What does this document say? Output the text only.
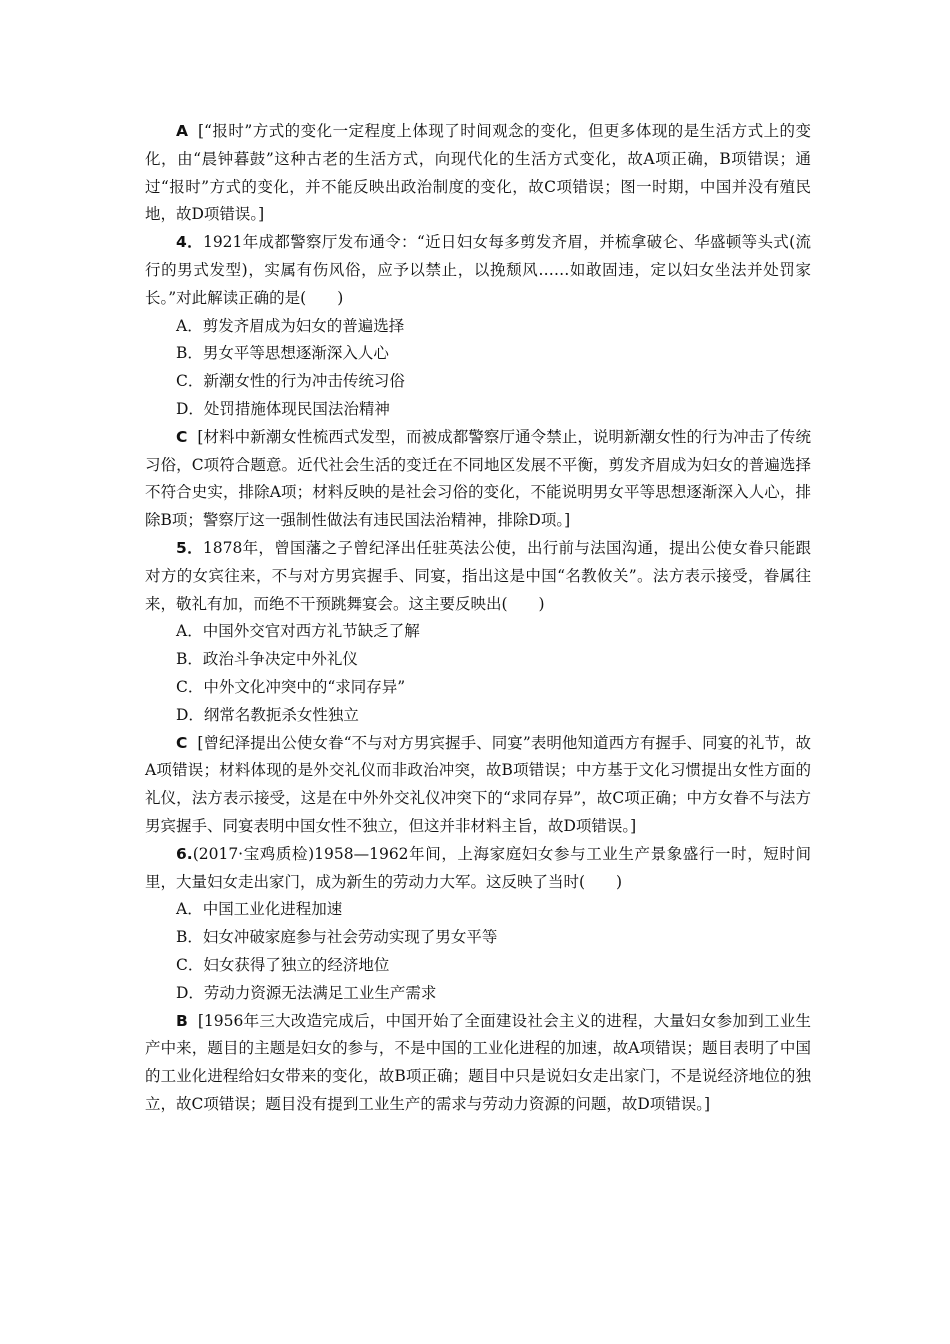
A [“报时”方式的变化一定程度上体现了时间观念的变化，但更多体现的是生活方式上的变化，由“晨钟暮鼓”这种古老的生活方式，向现代化的生活方式变化，故A项正确，B项错误；通过“报时”方式的变化，并不能反映出政治制度的变化，故C项错误；图一时期，中国并没有殖民地，故D项错误。]

4．1921年成都警察厅发布通令：“近日妇女每多剪发齐眉，并梳拿破仑、华盛顿等头式(流行的男式发型)，实属有伤风俗，应予以禁止，以挽颓风……如敢固违，定以妇女坐法并处罚家长。”对此解读正确的是(　　)

A．剪发齐眉成为妇女的普遍选择

B．男女平等思想逐渐深入人心

C．新潮女性的行为冲击传统习俗

D．处罚措施体现民国法治精神

C [材料中新潮女性梳西式发型，而被成都警察厅通令禁止，说明新潮女性的行为冲击了传统习俗，C项符合题意。近代社会生活的变迁在不同地区发展不平衡，剪发齐眉成为妇女的普遍选择不符合史实，排除A项；材料反映的是社会习俗的变化，不能说明男女平等思想逐渐深入人心，排除B项；警察厅这一强制性做法有违民国法治精神，排除D项。]

5．1878年，曾国藩之子曾纪泽出任驻英法公使，出行前与法国沟通，提出公使女眷只能跟对方的女宾往来，不与对方男宾握手、同宴，指出这是中国“名教攸关”。法方表示接受，眷属往来，敬礼有加，而绝不干预跳舞宴会。这主要反映出(　　)

A．中国外交官对西方礼节缺乏了解

B．政治斗争决定中外礼仪

C．中外文化冲突中的“求同存异”

D．纲常名教扼杀女性独立

C [曾纪泽提出公使女眷“不与对方男宾握手、同宴”表明他知道西方有握手、同宴的礼节，故A项错误；材料体现的是外交礼仪而非政治冲突，故B项错误；中方基于文化习惯提出女性方面的礼仪，法方表示接受，这是在中外外交礼仪冲突下的“求同存异”，故C项正确；中方女眷不与法方男宾握手、同宴表明中国女性不独立，但这并非材料主旨，故D项错误。]

6.(2017·宝鸡质检)1958—1962年间，上海家庭妇女参与工业生产景象盛行一时，短时间里，大量妇女走出家门，成为新生的劳动力大军。这反映了当时(　　)

A．中国工业化进程加速

B．妇女冲破家庭参与社会劳动实现了男女平等

C．妇女获得了独立的经济地位

D．劳动力资源无法满足工业生产需求

B [1956年三大改造完成后，中国开始了全面建设社会主义的进程，大量妇女参加到工业生产中来，题目的主题是妇女的参与，不是中国的工业化进程的加速，故A项错误；题目表明了中国的工业化进程给妇女带来的变化，故B项正确；题目中只是说妇女走出家门，不是说经济地位的独立，故C项错误；题目没有提到工业生产的需求与劳动力资源的问题，故D项错误。]
